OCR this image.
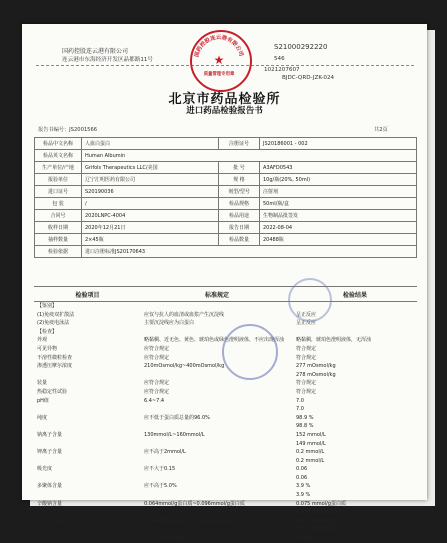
国药控股连云港有限公司
连云港市东海经济开发区晶都路11号
S21000292220
546
1021207607
BJDC-QRD-JZK-024
国药控股连云港有限公司
★
质量管理专用章
北京市药品检验所
进口药品检验报告书
报告书编号：JS2001566	共2页
检品中文名称	人血白蛋白	注册证号	JS20186001 - 002
检品英文名称	Human Albumin		
生产单位/产地	Grifols Therapeutics LLC/美国	批 号	A3AFD0543
报验单位	辽宁汇明医药有限公司	规 格	10g/瓶(20%, 50ml)
进口证号	S20190036	剂型/型号	注射剂
包 装	/	检品规格	50ml/瓶/盒
合同号	2020LNPC-4004	检品用途	生物制品批签发
收样日期	2020年12月21日	报告日期	2022-08-04
抽样数量	2×45瓶	检品数量	20488瓶
检验依据	进口注册标准JS20170643		
检验项目	标准规定	检验结果
【鉴别】		
(1)免疫双扩散法	应仅与抗人的血清或血浆产生沉淀线	呈正反应
(2)免疫电泳法	主要沉淀线应为白蛋白	呈正反应
【检查】		
外观	略黏稠、近无色、黄色、琥珀色或绿色澄明液体，不应出现浑浊	略黏稠，琥珀色澄明液体，无浑浊
可见异物	应符合规定	符合规定
不溶性微粒检查	应符合规定	符合规定
渗透压摩尔浓度	210mOsmol/kg~400mOsmol/kg	277 mOsmol/kg
		278 mOsmol/kg
装量	应符合规定	符合规定
热稳定性试验	应符合规定	符合规定
pH值	6.4~7.4	7.0
		7.0
纯度	应不低于蛋白质总量的96.0%	98.9 %
		98.8 %
钠离子含量	130mmol/L~160mmol/L	152 mmol/L
		149 mmol/L
钾离子含量	应不高于2mmol/L	0.2 mmol/L
		0.2 mmol/L
吸光度	应不大于0.15	0.06
		0.06
多聚体含量	应不高于5.0%	3.9 %
		3.9 %
辛酸钠含量	0.064mmol/g蛋白质~0.096mmol/g蛋白质	0.075 mmol/g蛋白质
		0.074 mmol/g蛋白质
乙酰色氨酸含量	0.064mmol/g蛋白质~0.096mmol/g蛋白质	0.075 mmol/g蛋白质
		0.081 mmol/g蛋白质
铝残留量	应不高于200μg/L	1 μg/L
